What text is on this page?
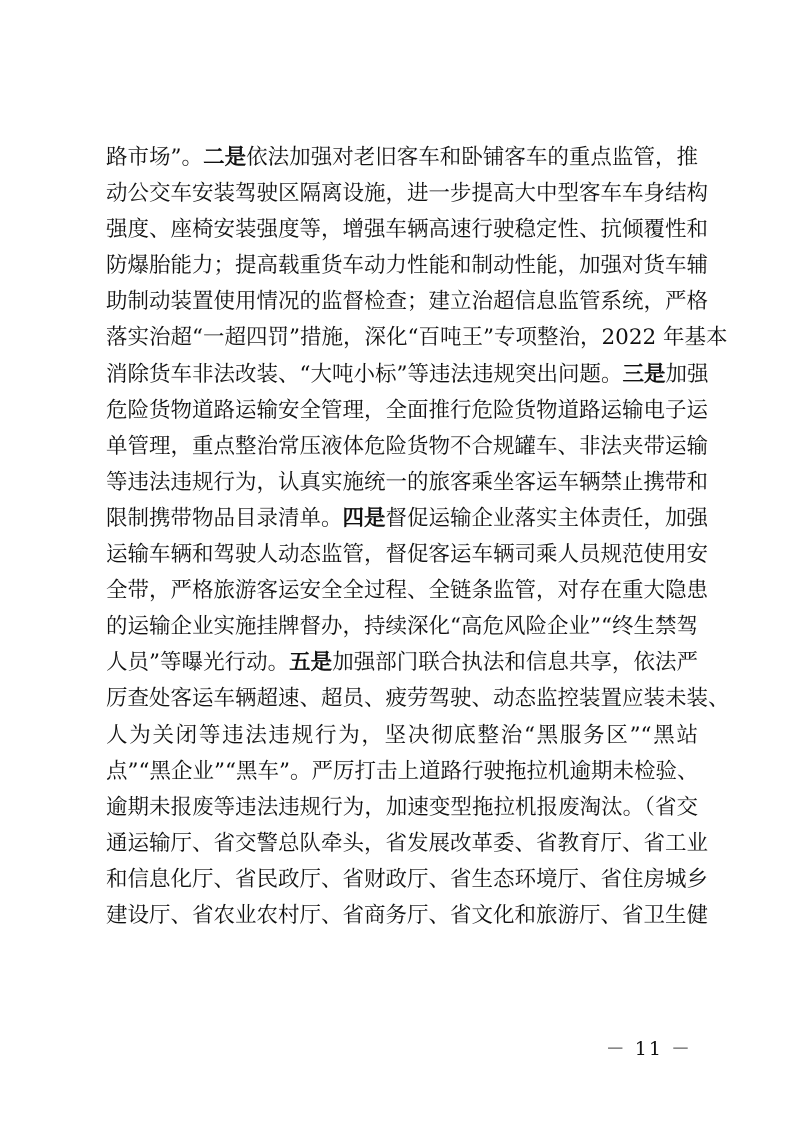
路市场”。二是依法加强对老旧客车和卧铺客车的重点监管，推
动公交车安装驾驶区隔离设施，进一步提高大中型客车车身结构
强度、座椅安装强度等，增强车辆高速行驶稳定性、抗倾覆性和
防爆胎能力；提高载重货车动力性能和制动性能，加强对货车辅
助制动装置使用情况的监督检查；建立治超信息监管系统，严格
落实治超“一超四罚”措施，深化“百吨王”专项整治，2022 年基本
消除货车非法改装、“大吨小标”等违法违规突出问题。三是加强
危险货物道路运输安全管理，全面推行危险货物道路运输电子运
单管理，重点整治常压液体危险货物不合规罐车、非法夹带运输
等违法违规行为，认真实施统一的旅客乘坐客运车辆禁止携带和
限制携带物品目录清单。四是督促运输企业落实主体责任，加强
运输车辆和驾驶人动态监管，督促客运车辆司乘人员规范使用安
全带，严格旅游客运安全全过程、全链条监管，对存在重大隐患
的运输企业实施挂牌督办，持续深化“高危风险企业”“终生禁驾
人员”等曝光行动。五是加强部门联合执法和信息共享，依法严
厉查处客运车辆超速、超员、疲劳驾驶、动态监控装置应装未装、
人为关闭等违法违规行为，坚决彻底整治“黑服务区”“黑站
点”“黑企业”“黑车”。严厉打击上道路行驶拖拉机逾期未检验、
逾期未报废等违法违规行为，加速变型拖拉机报废淘汰。（省交
通运输厅、省交警总队牵头，省发展改革委、省教育厅、省工业
和信息化厅、省民政厅、省财政厅、省生态环境厅、省住房城乡
建设厅、省农业农村厅、省商务厅、省文化和旅游厅、省卫生健
－ 11 －
